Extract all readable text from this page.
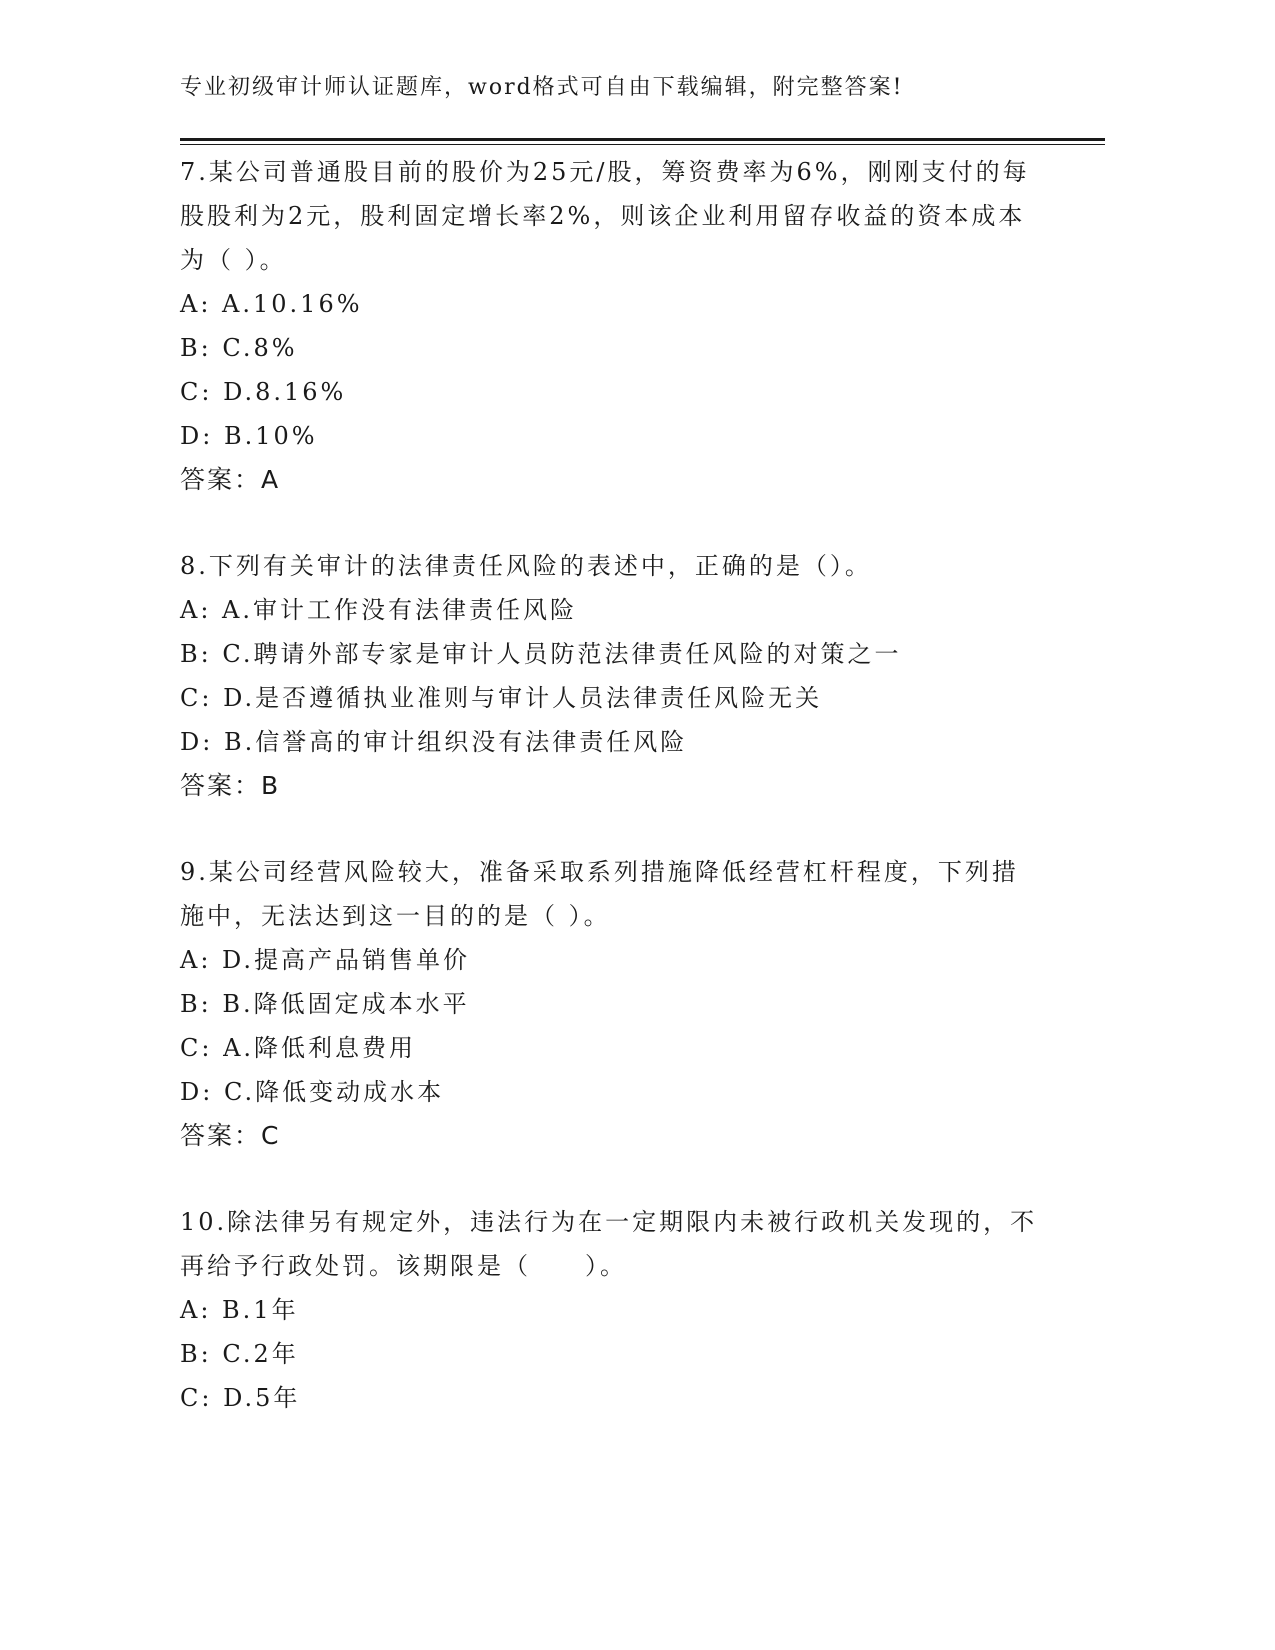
专业初级审计师认证题库，word格式可自由下载编辑，附完整答案!
7.某公司普通股目前的股价为25元/股，筹资费率为6%，刚刚支付的每股股利为2元，股利固定增长率2%，则该企业利用留存收益的资本成本为（ ）。
A: A.10.16%
B: C.8%
C: D.8.16%
D: B.10%
答案：A
8.下列有关审计的法律责任风险的表述中，正确的是（）。
A: A.审计工作没有法律责任风险
B: C.聘请外部专家是审计人员防范法律责任风险的对策之一
C: D.是否遵循执业准则与审计人员法律责任风险无关
D: B.信誉高的审计组织没有法律责任风险
答案：B
9.某公司经营风险较大，准备采取系列措施降低经营杠杆程度，下列措施中，无法达到这一目的的是（ ）。
A: D.提高产品销售单价
B: B.降低固定成本水平
C: A.降低利息费用
D: C.降低变动成水本
答案：C
10.除法律另有规定外，违法行为在一定期限内未被行政机关发现的，不再给予行政处罚。该期限是（　　）。
A: B.1年
B: C.2年
C: D.5年
